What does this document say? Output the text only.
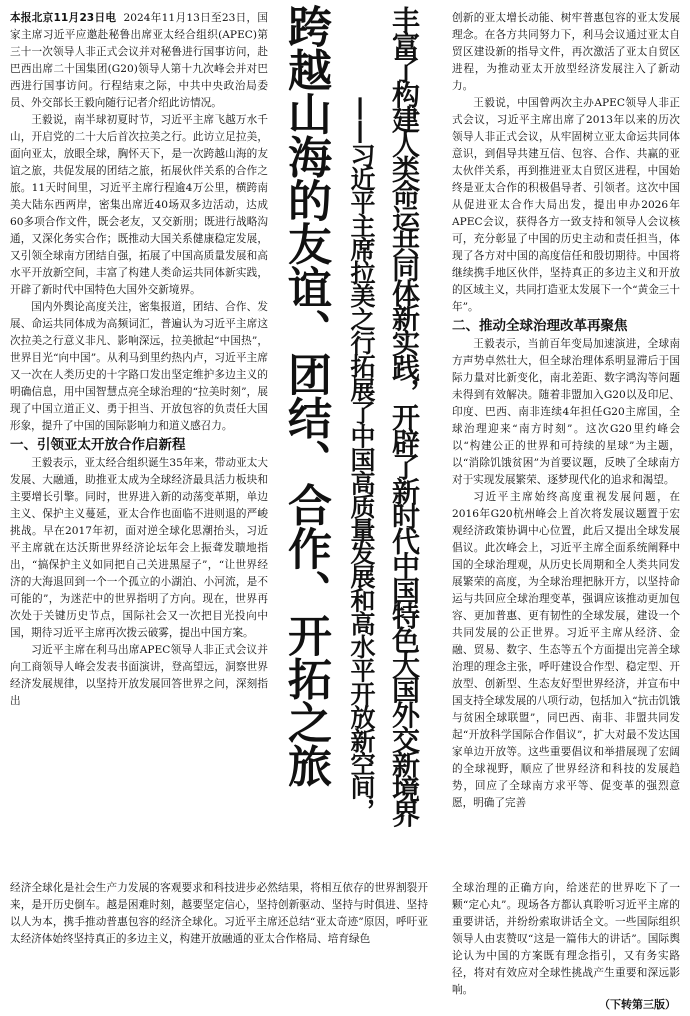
本报北京11月23日电 2024年11月13日至23日，国家主席习近平应邀赴秘鲁出席亚太经合组织(APEC)第三十一次领导人非正式会议并对秘鲁进行国事访问，赴巴西出席二十国集团(G20)领导人第十九次峰会并对巴西进行国事访问。行程结束之际，中共中央政治局委员、外交部长王毅向随行记者介绍此访情况。

王毅说，南半球初夏时节，习近平主席飞越万水千山，开启党的二十大后首次拉美之行。此访立足拉美，面向亚太，放眼全球，胸怀天下，是一次跨越山海的友谊之旅，共促发展的团结之旅，拓展伙伴关系的合作之旅。11天时间里，习近平主席行程逾4万公里，横跨南美大陆东西两岸，密集出席近40场双多边活动，达成60多项合作文件，既会老友，又交新朋；既进行战略沟通，又深化务实合作；既推动大国关系健康稳定发展，又引领全球南方团结自强，拓展了中国高质量发展和高水平开放新空间，丰富了构建人类命运共同体新实践，开辟了新时代中国特色大国外交新境界。

国内外舆论高度关注，密集报道，团结、合作、发展、命运共同体成为高频词汇，普遍认为习近平主席这次拉美之行意义非凡、影响深远，拉美掀起“中国热”，世界目光“向中国”。从利马到里约热内卢，习近平主席又一次在人类历史的十字路口发出坚定维护多边主义的明确信息，用中国智慧点亮全球治理的“拉美时刻”，展现了中国立道正义、勇于担当、开放包容的负责任大国形象，提升了中国的国际影响力和道义感召力。

一、引领亚太开放合作启新程

王毅表示，亚太经合组织诞生35年来，带动亚太大发展、大融通，助推亚太成为全球经济最具活力板块和主要增长引擎。同时，世界进入新的动荡变革期，单边主义、保护主义蔓延，亚太合作也面临不进则退的严峻挑战。早在2017年初，面对逆全球化思潮抬头，习近平主席就在达沃斯世界经济论坛年会上振聋发聩地指出，“搞保护主义如同把自己关进黑屋子”，“让世界经济的大海退回到一个一个孤立的小湖泊、小河流，是不可能的”，为迷茫中的世界指明了方向。现在，世界再次处于关键历史节点，国际社会又一次把目光投向中国，期待习近平主席再次拨云破雾，提出中国方案。

习近平主席在利马出席APEC领导人非正式会议并向工商领导人峰会发表书面演讲，登高望远，洞察世界经济发展规律，以坚持开放发展回答世界之问，深刻指出	跨越山海的友谊、团结、合作、开拓之旅 丰富了构建人类命运共同体新实践，开辟了新时代中国特色大国外交新境界
——习近平主席拉美之行拓展了中国高质量发展和高水平开放新空间，

经济全球化是社会生产力发展的客观要求和科技进步必然结果，将相互依存的世界割裂开来，是开历史倒车。越是困难时刻，越要坚定信心，坚持创新驱动、坚持与时俱进、坚持以人为本，携手推动普惠包容的经济全球化。习近平主席还总结“亚太奇迹”原因，呼吁亚太经济体始终坚持真正的多边主义，构建开放融通的亚太合作格局、培育绿色

创新的亚太增长动能、树牢普惠包容的亚太发展理念。在各方共同努力下，利马会议通过亚太自贸区建设新的指导文件，再次激活了亚太自贸区进程，为推动亚太开放型经济发展注入了新动力。

王毅说，中国曾两次主办APEC领导人非正式会议，习近平主席出席了2013年以来的历次领导人非正式会议，从牢固树立亚太命运共同体意识，到倡导共建互信、包容、合作、共赢的亚太伙伴关系，再到推进亚太自贸区进程，中国始终是亚太合作的积极倡导者、引领者。这次中国从促进亚太合作大局出发，提出申办2026年APEC会议，获得各方一致支持和领导人会议核可，充分彰显了中国的历史主动和责任担当，体现了各方对中国的高度信任和殷切期待。中国将继续携手地区伙伴，坚持真正的多边主义和开放的区域主义，共同打造亚太发展下一个“黄金三十年”。

二、推动全球治理改革再聚焦

王毅表示，当前百年变局加速演进，全球南方声势卓然壮大，但全球治理体系明显滞后于国际力量对比新变化，南北差距、数字鸿沟等问题未得到有效解决。随着非盟加入G20以及印尼、印度、巴西、南非连续4年担任G20主席国，全球治理迎来“南方时刻”。这次G20里约峰会以“构建公正的世界和可持续的星球”为主题，以“消除饥饿贫困”为首要议题，反映了全球南方对于实现发展繁荣、逐梦现代化的追求和渴望。

习近平主席始终高度重视发展问题，在2016年G20杭州峰会上首次将发展议题置于宏观经济政策协调中心位置，此后又提出全球发展倡议。此次峰会上，习近平主席全面系统阐释中国的全球治理观，从历史长周期和全人类共同发展繁荣的高度，为全球治理把脉开方，以坚持命运与共回应全球治理变革，强调应该推动更加包容、更加普惠、更有韧性的全球发展，建设一个共同发展的公正世界。习近平主席从经济、金融、贸易、数字、生态等五个方面提出完善全球治理的理念主张，呼吁建设合作型、稳定型、开放型、创新型、生态友好型世界经济，并宣布中国支持全球发展的八项行动，包括加入“抗击饥饿与贫困全球联盟”，同巴西、南非、非盟共同发起“开放科学国际合作倡议”，扩大对最不发达国家单边开放等。这些重要倡议和举措展现了宏阔的全球视野，顺应了世界经济和科技的发展趋势，回应了全球南方求平等、促变革的强烈意愿，明确了完善

全球治理的正确方向，给迷茫的世界吃下了一颗“定心丸”。现场各方都认真聆听习近平主席的重要讲话，并纷纷索取讲话全文。一些国际组织领导人由衷赞叹“这是一篇伟大的讲话”。国际舆论认为中国的方案既有理念指引，又有务实路径，将对有效应对全球性挑战产生重要和深远影响。

（下转第三版）
